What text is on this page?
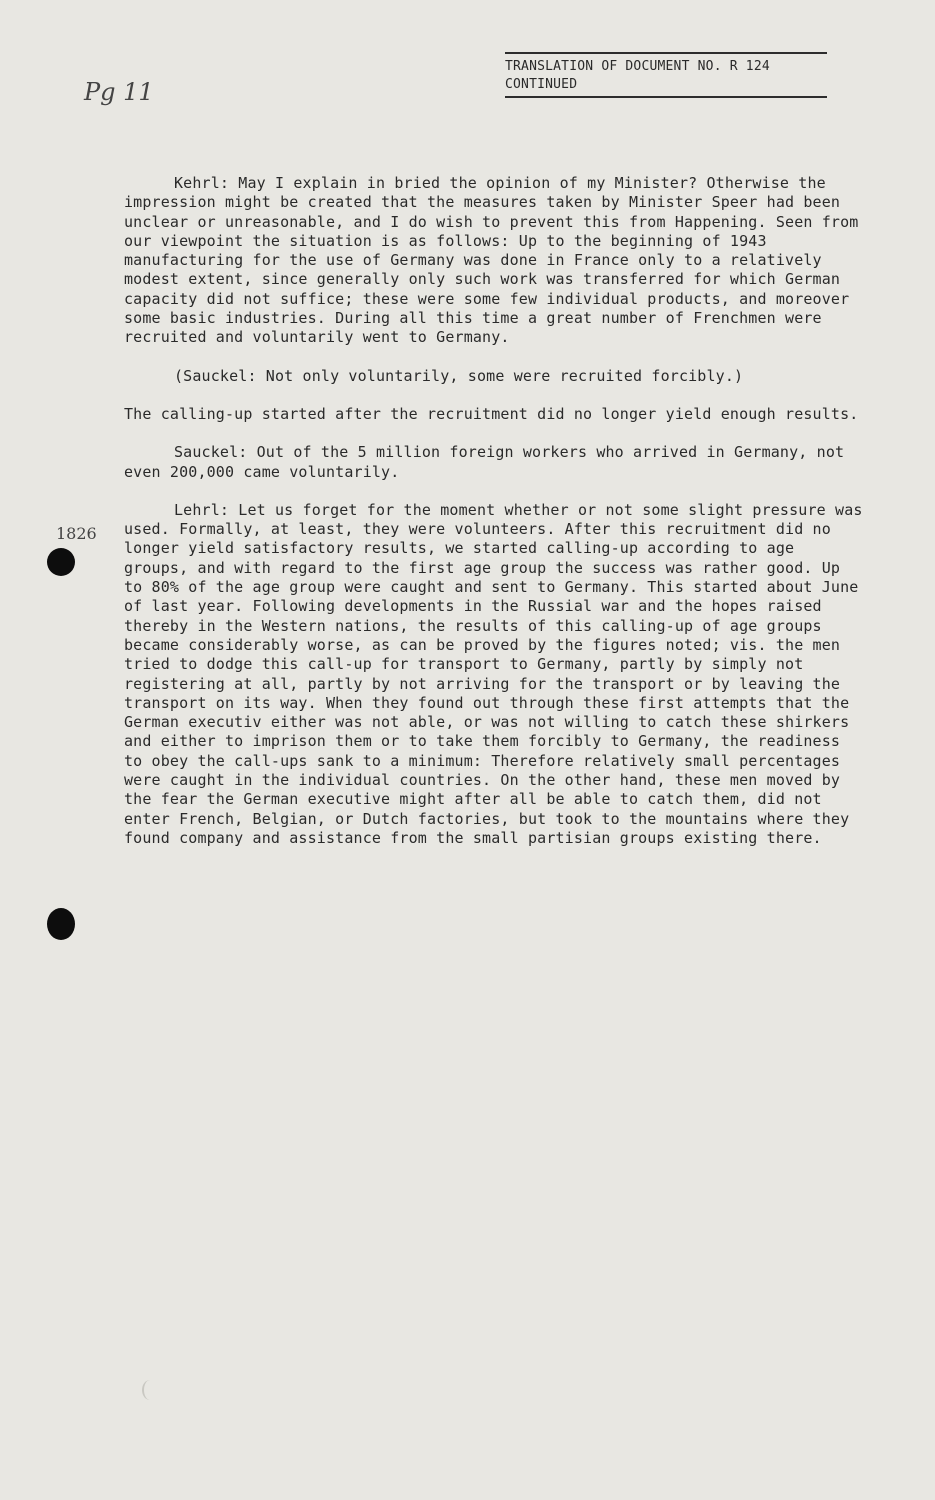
TRANSLATION OF DOCUMENT NO. R 124
CONTINUED
Pg 11
1826

Kehrl: May I explain in bried the opinion of my Minister? Otherwise the impression might be created that the measures taken by Minister Speer had been unclear or unreasonable, and I do wish to prevent this from Happening. Seen from our viewpoint the situation is as follows: Up to the beginning of 1943 manufacturing for the use of Germany was done in France only to a relatively modest extent, since generally only such work was transferred for which German capacity did not suffice; these were some few individual products, and moreover some basic industries. During all this time a great number of Frenchmen were recruited and voluntarily went to Germany.

(Sauckel: Not only voluntarily, some were recruited forcibly.)

The calling-up started after the recruitment did no longer yield enough results.

Sauckel: Out of the 5 million foreign workers who arrived in Germany, not even 200,000 came voluntarily.

Lehrl: Let us forget for the moment whether or not some slight pressure was used. Formally, at least, they were volunteers. After this recruitment did no longer yield satisfactory results, we started calling-up according to age groups, and with regard to the first age group the success was rather good. Up to 80% of the age group were caught and sent to Germany. This started about June of last year. Following developments in the Russial war and the hopes raised thereby in the Western nations, the results of this calling-up of age groups became considerably worse, as can be proved by the figures noted; vis. the men tried to dodge this call-up for transport to Germany, partly by simply not registering at all, partly by not arriving for the transport or by leaving the transport on its way. When they found out through these first attempts that the German executiv either was not able, or was not willing to catch these shirkers and either to imprison them or to take them forcibly to Germany, the readiness to obey the call-ups sank to a minimum: Therefore relatively small percentages were caught in the individual countries. On the other hand, these men moved by the fear the German executive might after all be able to catch them, did not enter French, Belgian, or Dutch factories, but took to the mountains where they found company and assistance from the small partisian groups existing there.
